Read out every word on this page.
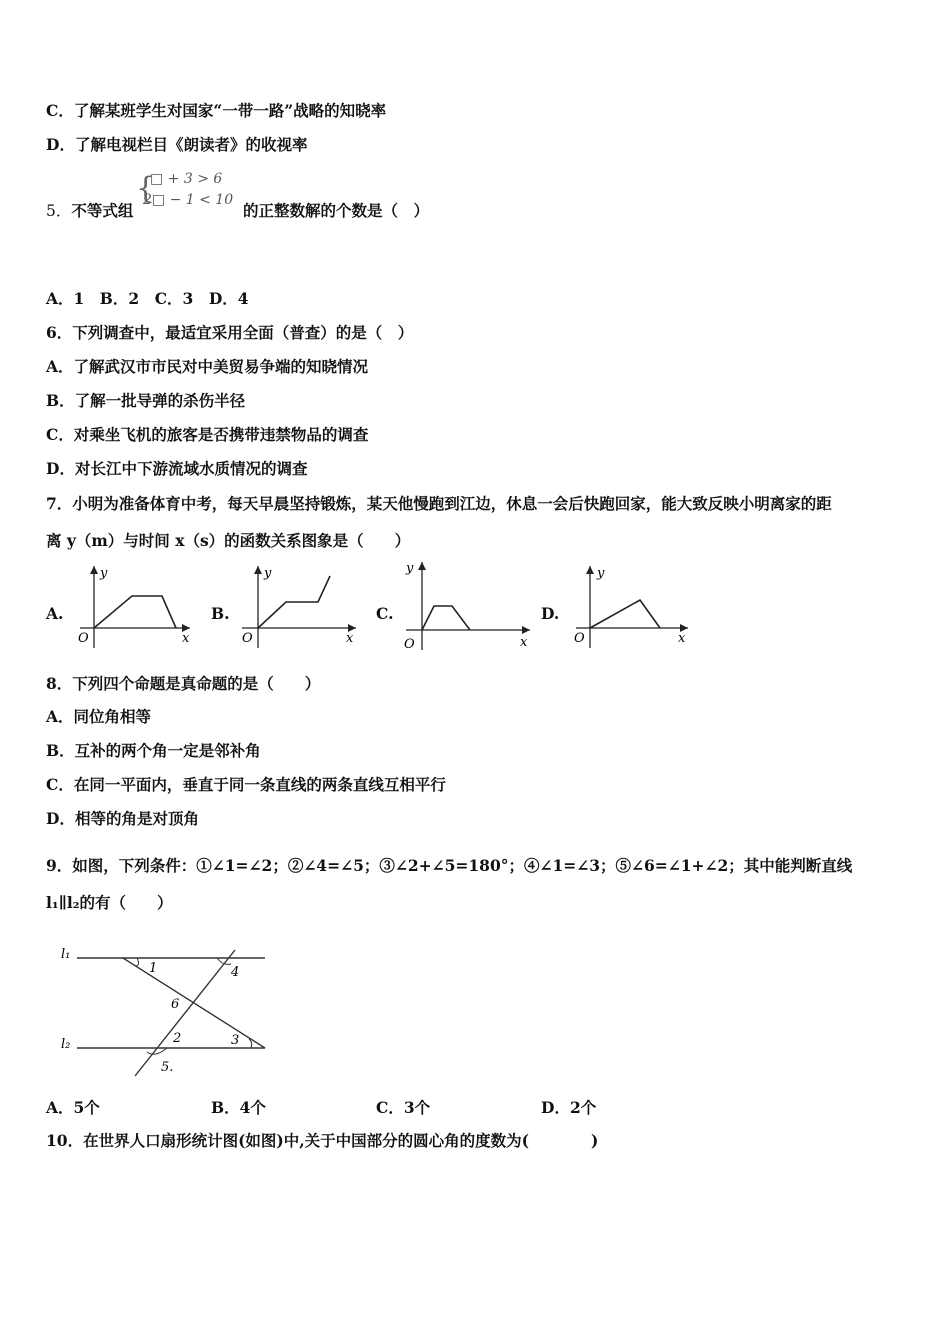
C．了解某班学生对国家“一带一路”战略的知晓率
D．了解电视栏目《朗读者》的收视率
5．不等式组
{
□ + 3 > 6
2□ − 1 < 10
的正整数解的个数是（　）
A．1　B．2　C．3　D．4
6．下列调查中，最适宜采用全面（普查）的是（　）
A．了解武汉市市民对中美贸易争端的知晓情况
B．了解一批导弹的杀伤半径
C．对乘坐飞机的旅客是否携带违禁物品的调查
D．对长江中下游流域水质情况的调查
7．小明为准备体育中考，每天早晨坚持锻炼，某天他慢跑到江边，休息一会后快跑回家，能大致反映小明离家的距
离 y（m）与时间 x（s）的函数关系图象是（　　）
A.	B.	C.	D.
y
x
O
y
x
O
y
x
O
y
x
O
8．下列四个命题是真命题的是（　　）
A．同位角相等
B．互补的两个角一定是邻补角
C．在同一平面内，垂直于同一条直线的两条直线互相平行
D．相等的角是对顶角
9．如图，下列条件：①∠1=∠2；②∠4=∠5；③∠2+∠5=180°；④∠1=∠3；⑤∠6=∠1+∠2；其中能判断直线
l₁∥l₂的有（　　）
l₁
l₂
1	4
6
2	3
5.
A．5个	B．4个	C．3个	D．2个
10．在世界人口扇形统计图(如图)中,关于中国部分的圆心角的度数为(　　　　)
